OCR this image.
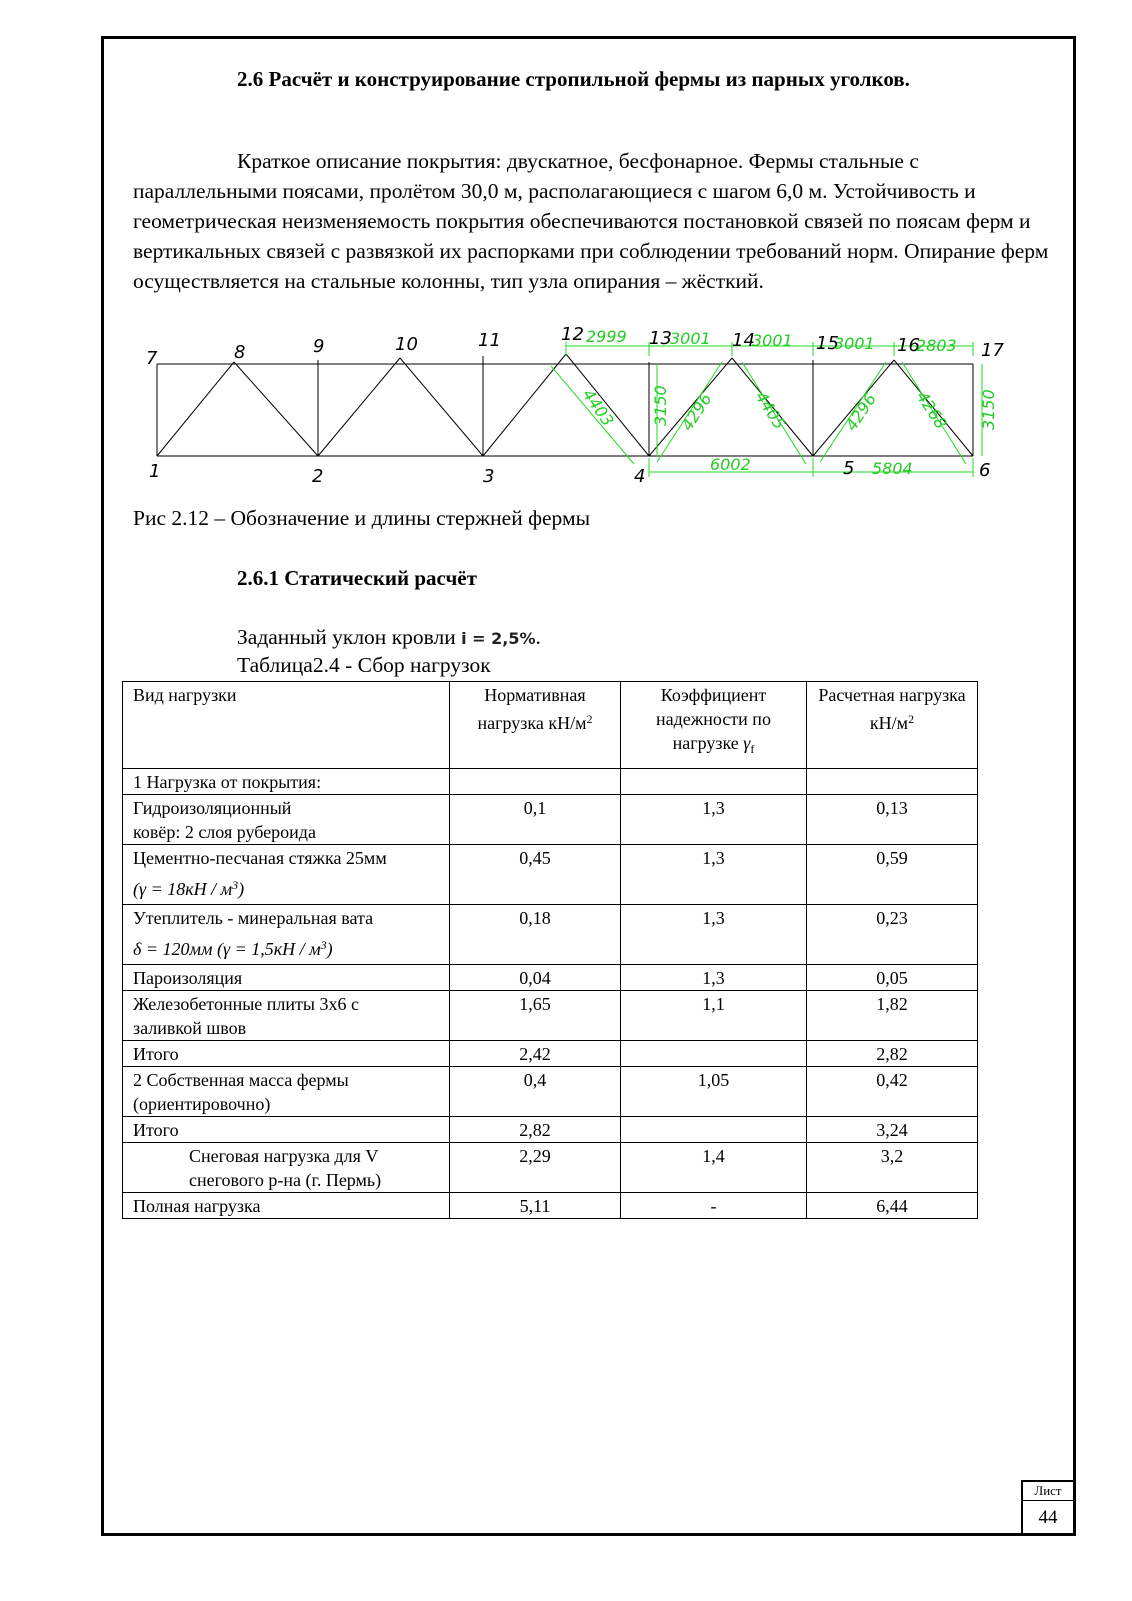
2.6 Расчёт и конструирование стропильной фермы из парных уголков.

Краткое описание покрытия: двускатное, бесфонарное. Фермы стальные с параллельными поясами, пролётом 30,0 м, располагающиеся с шагом 6,0 м. Устойчивость и геометрическая неизменяемость покрытия обеспечиваются постановкой связей по поясам ферм и вертикальных связей с развязкой их распорками при соблюдении требований норм. Опирание ферм осуществляется на стальные колонны, тип узла опирания – жёсткий.

1	2	3	4	5	6
7	8	9	10	11	12	13	14	15	16	17
2999	3001	3001	3001	2803
6002	5804
4403	4296 4405	4296 4268
3150	3150
Рис 2.12 – Обозначение и длины стержней фермы
2.6.1 Статический расчёт
Заданный уклон кровли i = 2,5%.
Таблица2.4 - Сбор нагрузок
Вид нагрузки	Нормативная нагрузка $кН/м^2$	Коэффициент надежности по нагрузке $\gamma_f$	Расчетная нагрузка $кН/м^2$
1 Нагрузка от покрытия:			
Гидроизоляционный ковёр: 2 слоя рубероида	0,1	1,3	0,13

Цементно-песчаная стяжка 25мм
$(\gamma = 18кН / м^3)$	0,45	1,3	0,59

Утеплитель - минеральная вата
δ = 120мм $(\gamma = 1,5кН / м^3)$	0,18	1,3	0,23
Пароизоляция	0,04	1,3	0,05
Железобетонные плиты 3х6 с заливкой швов	1,65	1,1	1,82
Итого	2,42		2,82
2 Собственная масса фермы (ориентировочно)	0,4	1,05	0,42
Итого	2,82		3,24
Снеговая нагрузка для V снегового р-на (г. Пермь)	2,29	1,4	3,2
Полная нагрузка	5,11	-	6,44
Лист
44
